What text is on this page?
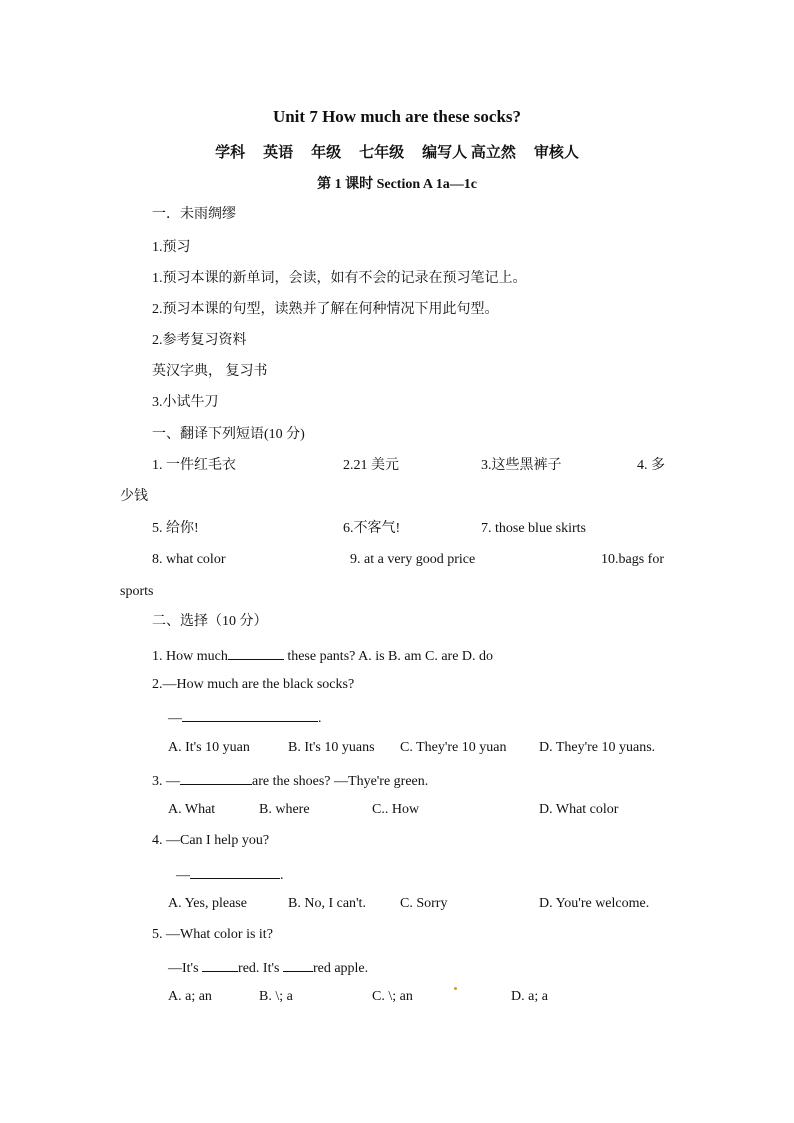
Unit 7 How much are these socks?
学科 英语 年级 七年级 编写人 高立然 审核人
第 1 课时 Section A 1a—1c
一．未雨绸缪
1.预习
1.预习本课的新单词，会读，如有不会的记录在预习笔记上。
2.预习本课的句型，读熟并了解在何种情况下用此句型。
2.参考复习资料
英汉字典， 复习书
3.小试牛刀
一、翻译下列短语(10 分)
1. 一件红毛衣	2.21 美元	3.这些黑裤子	4. 多
少钱
5. 给你!	6.不客气!	7. those blue skirts
8. what color	9. at a very good price	10.bags for
sports
二、选择（10 分）
1. How much	these pants? A. is B. am C. are D. do
2.—How much are the black socks?
—	.
A. It's 10 yuan	B. It's 10 yuans C. They're 10 yuan D. They're 10 yuans.
3. —	are the shoes? —Thye're green.
A. What	B. where	C.. How	D. What color
4. —Can I help you?
—	.
A. Yes, please	B. No, I can't. C. Sorry	D. You're welcome.
5. —What color is it?
—It's	red. It's red apple.
A. a; an	B. \; a	C. \; an	D. a; a
